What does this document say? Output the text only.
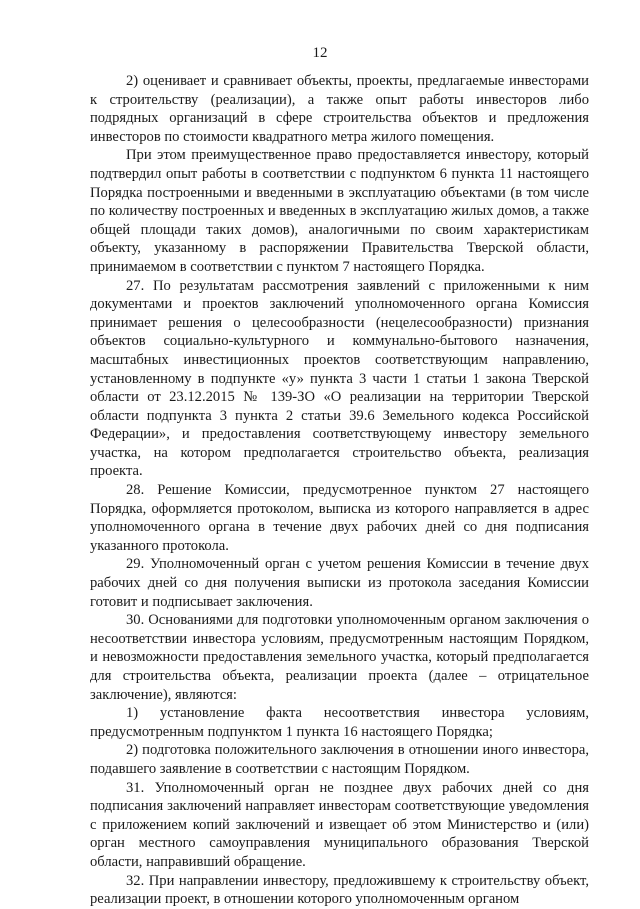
12

2) оценивает и сравнивает объекты, проекты, предлагаемые инвесторами к строительству (реализации), а также опыт работы инвесторов либо подрядных организаций в сфере строительства объектов и предложения инвесторов по стоимости квадратного метра жилого помещения.

При этом преимущественное право предоставляется инвестору, который подтвердил опыт работы в соответствии с подпунктом 6 пункта 11 настоящего Порядка построенными и введенными в эксплуатацию объектами (в том числе по количеству построенных и введенных в эксплуатацию жилых домов, а также общей площади таких домов), аналогичными по своим характеристикам объекту, указанному в распоряжении Правительства Тверской области, принимаемом в соответствии с пунктом 7 настоящего Порядка.

27. По результатам рассмотрения заявлений с приложенными к ним документами и проектов заключений уполномоченного органа Комиссия принимает решения о целесообразности (нецелесообразности) признания объектов социально-культурного и коммунально-бытового назначения, масштабных инвестиционных проектов соответствующим направлению, установленному в подпункте «у» пункта 3 части 1 статьи 1 закона Тверской области от 23.12.2015 № 139-ЗО «О реализации на территории Тверской области подпункта 3 пункта 2 статьи 39.6 Земельного кодекса Российской Федерации», и предоставления соответствующему инвестору земельного участка, на котором предполагается строительство объекта, реализация проекта.

28. Решение Комиссии, предусмотренное пунктом 27 настоящего Порядка, оформляется протоколом, выписка из которого направляется в адрес уполномоченного органа в течение двух рабочих дней со дня подписания указанного протокола.

29. Уполномоченный орган с учетом решения Комиссии в течение двух рабочих дней со дня получения выписки из протокола заседания Комиссии готовит и подписывает заключения.

30. Основаниями для подготовки уполномоченным органом заключения о несоответствии инвестора условиям, предусмотренным настоящим Порядком, и невозможности предоставления земельного участка, который предполагается для строительства объекта, реализации проекта (далее – отрицательное заключение), являются:

1) установление факта несоответствия инвестора условиям, предусмотренным подпунктом 1 пункта 16 настоящего Порядка;

2) подготовка положительного заключения в отношении иного инвестора, подавшего заявление в соответствии с настоящим Порядком.

31. Уполномоченный орган не позднее двух рабочих дней со дня подписания заключений направляет инвесторам соответствующие уведомления с приложением копий заключений и извещает об этом Министерство и (или) орган местного самоуправления муниципального образования Тверской области, направивший обращение.

32. При направлении инвестору, предложившему к строительству объект, реализации проект, в отношении которого уполномоченным органом
